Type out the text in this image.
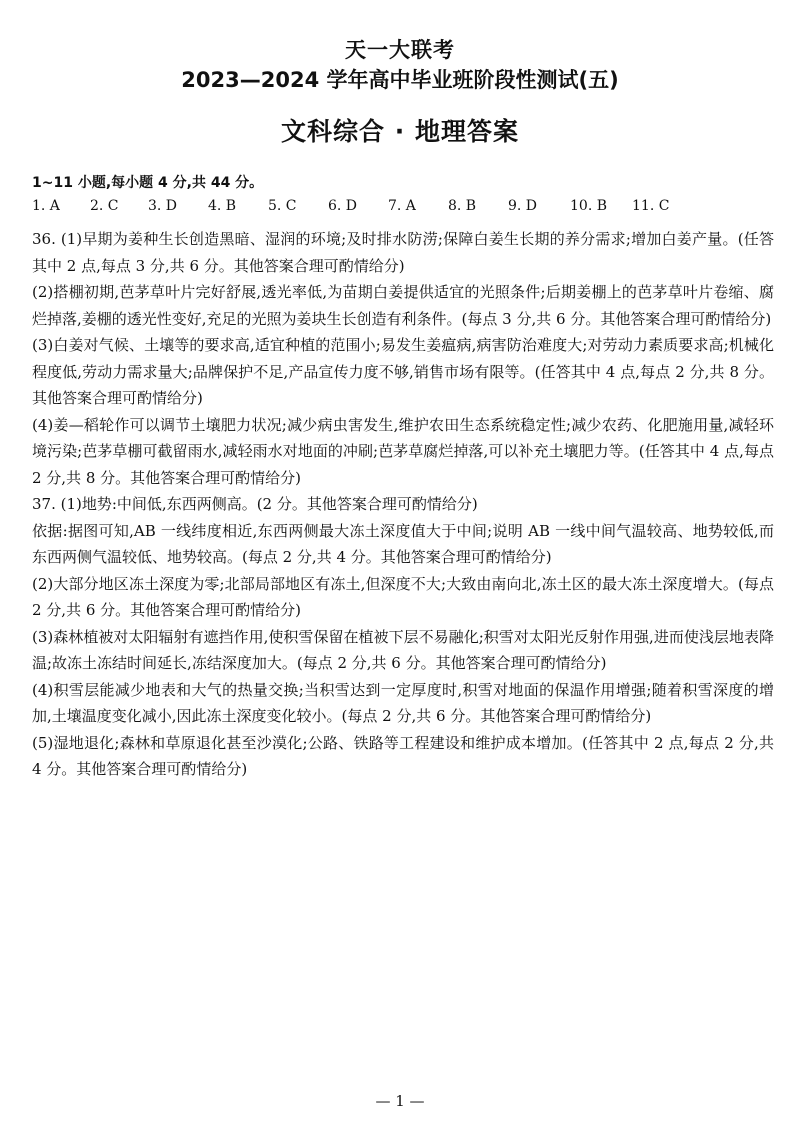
天一大联考
2023—2024 学年高中毕业班阶段性测试(五)
文科综合 · 地理答案
1~11 小题,每小题 4 分,共 44 分。
1. A 2. C 3. D 4. B 5. C 6. D 7. A 8. B 9. D 10. B 11. C
36. (1)早期为姜种生长创造黑暗、湿润的环境;及时排水防涝;保障白姜生长期的养分需求;增加白姜产量。(任答其中 2 点,每点 3 分,共 6 分。其他答案合理可酌情给分)
(2)搭棚初期,芭茅草叶片完好舒展,透光率低,为苗期白姜提供适宜的光照条件;后期姜棚上的芭茅草叶片卷缩、腐烂掉落,姜棚的透光性变好,充足的光照为姜块生长创造有利条件。(每点 3 分,共 6 分。其他答案合理可酌情给分)
(3)白姜对气候、土壤等的要求高,适宜种植的范围小;易发生姜瘟病,病害防治难度大;对劳动力素质要求高;机械化程度低,劳动力需求量大;品牌保护不足,产品宣传力度不够,销售市场有限等。(任答其中 4 点,每点 2 分,共 8 分。其他答案合理可酌情给分)
(4)姜—稻轮作可以调节土壤肥力状况;减少病虫害发生,维护农田生态系统稳定性;减少农药、化肥施用量,减轻环境污染;芭茅草棚可截留雨水,减轻雨水对地面的冲刷;芭茅草腐烂掉落,可以补充土壤肥力等。(任答其中 4 点,每点 2 分,共 8 分。其他答案合理可酌情给分)
37. (1)地势:中间低,东西两侧高。(2 分。其他答案合理可酌情给分)
依据:据图可知,AB 一线纬度相近,东西两侧最大冻土深度值大于中间;说明 AB 一线中间气温较高、地势较低,而东西两侧气温较低、地势较高。(每点 2 分,共 4 分。其他答案合理可酌情给分)
(2)大部分地区冻土深度为零;北部局部地区有冻土,但深度不大;大致由南向北,冻土区的最大冻土深度增大。(每点 2 分,共 6 分。其他答案合理可酌情给分)
(3)森林植被对太阳辐射有遮挡作用,使积雪保留在植被下层不易融化;积雪对太阳光反射作用强,进而使浅层地表降温;故冻土冻结时间延长,冻结深度加大。(每点 2 分,共 6 分。其他答案合理可酌情给分)
(4)积雪层能减少地表和大气的热量交换;当积雪达到一定厚度时,积雪对地面的保温作用增强;随着积雪深度的增加,土壤温度变化减小,因此冻土深度变化较小。(每点 2 分,共 6 分。其他答案合理可酌情给分)
(5)湿地退化;森林和草原退化甚至沙漠化;公路、铁路等工程建设和维护成本增加。(任答其中 2 点,每点 2 分,共 4 分。其他答案合理可酌情给分)
— 1 —
